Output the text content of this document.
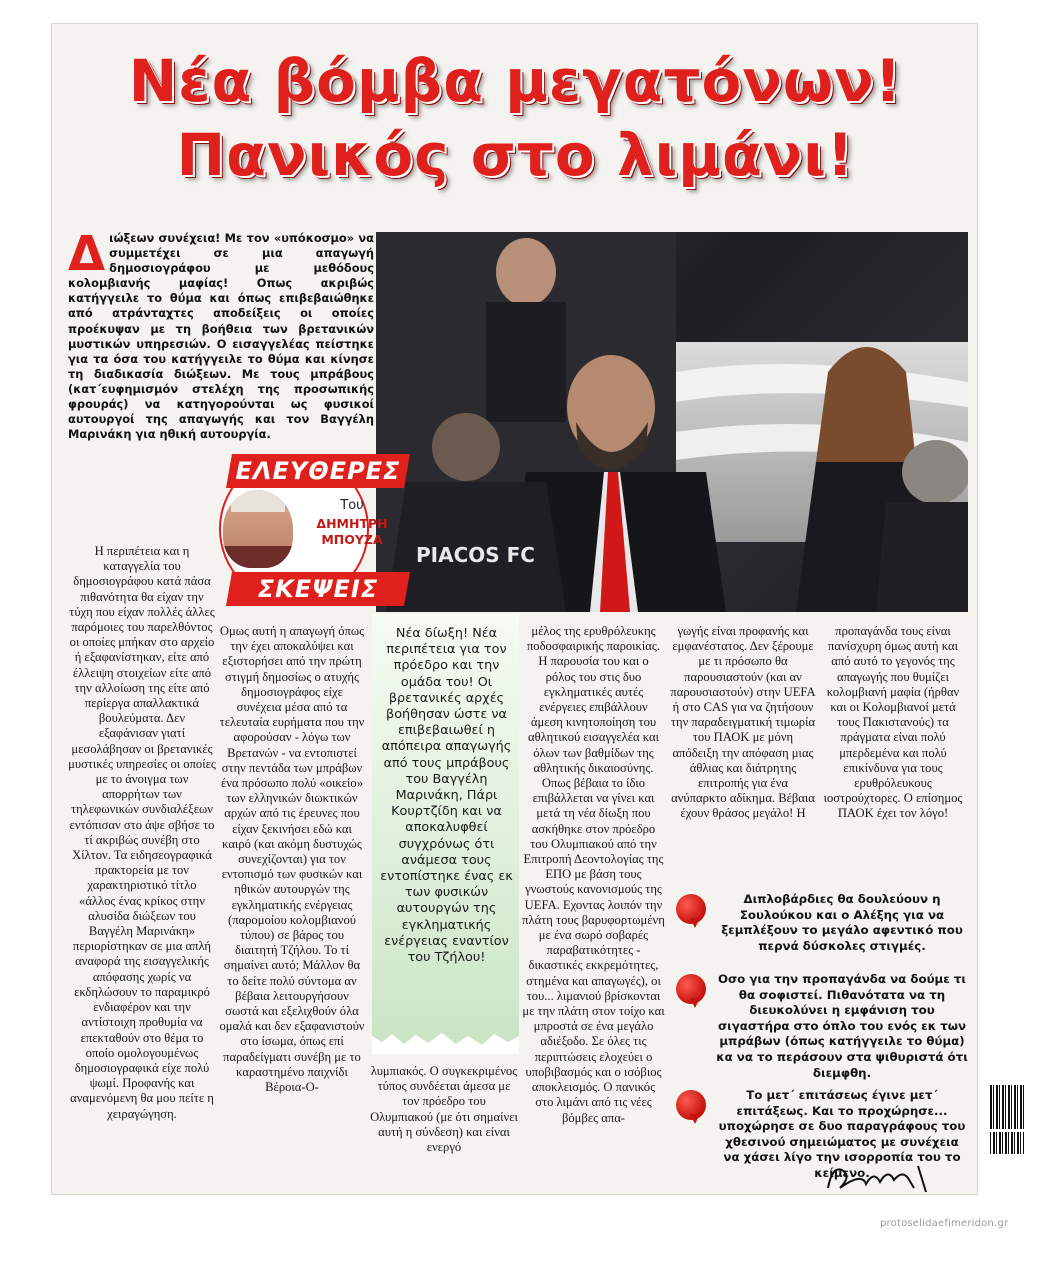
Νέα βόμβα μεγατόνων!
Πανικός στο λιμάνι!
Δ ιώξεων συνέχεια! Με τον «υπόκοσμο» να συμμετέχει σε μια απαγωγή δημοσιογράφου με μεθόδους κολομβιανής μαφίας! Οπως ακριβώς κατήγγειλε το θύμα και όπως επιβεβαιώθηκε από ατράνταχτες αποδείξεις οι οποίες προέκυψαν με τη βοήθεια των βρετανικών μυστικών υπηρεσιών. Ο εισαγγελέας πείστηκε για τα όσα του κατήγγειλε το θύμα και κίνησε τη διαδικασία διώξεων. Με τους μπράβους (κατ΄ευφημισμόν στελέχη της προσωπικής φρουράς) να κατηγορούνται ως φυσικοί αυτουργοί της απαγωγής και τον Βαγγέλη Μαρινάκη για ηθική αυτουργία.
PIACOS FC
ΕΛΕΥΘΕΡΕΣ
ΣΚΕΨΕΙΣ
Του
ΔΗΜΗΤΡΗ
ΜΠΟΥΖΑ

Η περιπέτεια και η καταγγελία του δημοσιογράφου κατά πάσα πιθανότητα θα είχαν την τύχη που είχαν πολλές άλλες παρόμοιες του παρελθόντος οι οποίες μπήκαν στο αρχείο ή εξαφανίστηκαν, είτε από έλλειψη στοιχείων είτε από την αλλοίωση της είτε από περίεργα απαλλακτικά βουλεύματα. Δεν εξαφάνισαν γιατί μεσολάβησαν οι βρετανικές μυστικές υπηρεσίες οι οποίες με το άνοιγμα των απορρήτων των τηλεφωνικών συνδιαλέξεων εντόπισαν στο άψε σβήσε το τί ακριβώς συνέβη στο Χίλτον. Τα ειδησεογραφικά πρακτορεία με τον χαρακτηριστικό τίτλο «άλλος ένας κρίκος στην αλυσίδα διώξεων του Βαγγέλη Μαρινάκη» περιορίστηκαν σε μια απλή αναφορά της εισαγγελικής απόφασης χωρίς να εκδηλώσουν το παραμικρό ενδιαφέρον και την αντίστοιχη προθυμία να επεκταθούν στο θέμα το οποίο ομολογουμένως δημοσιογραφικά είχε πολύ ψωμί. Προφανής και αναμενόμενη θα μου πείτε η χειραγώγηση.

Ομως αυτή η απαγωγή όπως την έχει αποκαλύψει και εξιστορήσει από την πρώτη στιγμή δημοσίως ο ατυχής δημοσιογράφος είχε συνέχεια μέσα από τα τελευταία ευρήματα που την αφορούσαν - λόγω των Βρετανών - να εντοπιστεί στην πεντάδα των μπράβων ένα πρόσωπο πολύ «οικείο» των ελληνικών διωκτικών αρχών από τις έρευνες που είχαν ξεκινήσει εδώ και καιρό (και ακόμη δυστυχώς συνεχίζονται) για τον εντοπισμό των φυσικών και ηθικών αυτουργών της εγκληματικής ενέργειας (παρομοίου κολομβιανού τύπου) σε βάρος του διαιτητή Τζήλου. Το τί σημαίνει αυτό; Μάλλον θα το δείτε πολύ σύντομα αν βέβαια λειτουργήσουν σωστά και εξελιχθούν όλα ομαλά και δεν εξαφανιστούν στο ίσωμα, όπως επί παραδείγματι συνέβη με το καραστημένο παιχνίδι Βέροια-Ο-

Νέα δίωξη! Νέα περιπέτεια για τον πρόεδρο και την ομάδα του! Οι βρετανικές αρχές βοήθησαν ώστε να επιβεβαιωθεί η απόπειρα απαγωγής από τους μπράβους του Βαγγέλη Μαρινάκη, Πάρι Κουρτζίδη και να αποκαλυφθεί συγχρόνως ότι ανάμεσα τους εντοπίστηκε ένας εκ των φυσικών αυτουργών της εγκληματικής ενέργειας εναντίον του Τζήλου!

λυμπιακός. Ο συγκεκριμένος τύπος συνδέεται άμεσα με τον πρόεδρο του Ολυμπιακού (με ότι σημαίνει αυτή η σύνδεση) και είναι ενεργό

μέλος της ερυθρόλευκης ποδοσφαιρικής παροικίας. Η παρουσία του και ο ρόλος του στις δυο εγκληματικές αυτές ενέργειες επιβάλλουν άμεση κινητοποίηση του αθλητικού εισαγγελέα και όλων των βαθμίδων της αθλητικής δικαιοσύνης. Οπως βέβαια το ίδιο επιβάλλεται να γίνει και μετά τη νέα δίωξη που ασκήθηκε στον πρόεδρο του Ολυμπιακού από την Επιτροπή Δεοντολογίας της ΕΠΟ με βάση τους γνωστούς κανονισμούς της UEFA. Εχοντας λοιπόν την πλάτη τους βαρυφορτωμένη με ένα σωρό σοβαρές παραβατικότητες - δικαστικές εκκρεμότητες, στημένα και απαγωγές), οι του... λιμανιού βρίσκονται με την πλάτη στον τοίχο και μπροστά σε ένα μεγάλο αδιέξοδο. Σε όλες τις περιπτώσεις ελοχεύει ο υποβιβασμός και ο ισόβιος αποκλεισμός. Ο πανικός στο λιμάνι από τις νέες βόμβες απα-

γωγής είναι προφανής και εμφανέστατος. Δεν ξέρουμε με τι πρόσωπο θα παρουσιαστούν (και αν παρουσιαστούν) στην UEFA ή στο CAS για να ζητήσουν την παραδειγματική τιμωρία του ΠΑΟΚ με μόνη απόδειξη την απόφαση μιας άθλιας και διάτρητης επιτροπής για ένα ανύπαρκτο αδίκημα. Βέβαια έχουν θράσος μεγάλο! Η

προπαγάνδα τους είναι πανίσχυρη όμως αυτή και από αυτό το γεγονός της απαγωγής που θυμίζει κολομβιανή μαφία (ήρθαν και οι Κολομβιανοί μετά τους Πακιστανούς) τα πράγματα είναι πολύ μπερδεμένα και πολύ επικίνδυνα για τους ερυθρόλευκους ιοστρούχτορες. Ο επίσημος ΠΑΟΚ έχει τον λόγο!

Διπλοβάρδιες θα δουλεύουν η Σουλούκου και ο Αλέξης για να ξεμπλέξουν το μεγάλο αφεντικό που περνά δύσκολες στιγμές.
Οσο για την προπαγάνδα να δούμε τι θα σοφιστεί. Πιθανότατα να τη διευκολύνει η εμφάνιση του σιγαστήρα στο όπλο του ενός εκ των μπράβων (όπως κατήγγειλε το θύμα) κα να το περάσουν στα ψιθυριστά ότι διεμφθη.
Το μετ΄ επιτάσεως έγινε μετ΄ επιτάξεως. Και το προχώρησε... υποχώρησε σε δυο παραγράφους του χθεσινού σημειώματος με συνέχεια να χάσει λίγο την ισορροπία του το κείμενο.
protoselidaefimeridon.gr
